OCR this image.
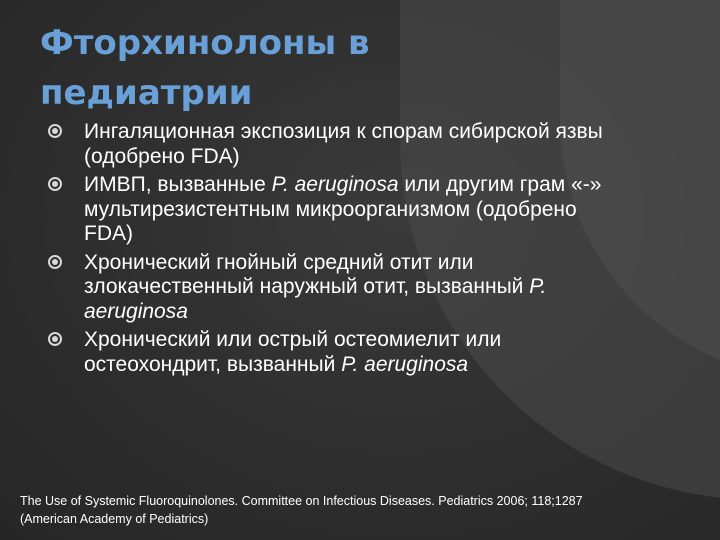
Фторхинолоны в
педиатрии
Ингаляционная экспозиция к спорам сибирской язвы (одобрено FDA)
ИМВП, вызванные P. aeruginosa или другим грам «-» мультирезистентным микроорганизмом (одобрено FDA)
Хронический гнойный средний отит или злокачественный наружный отит, вызванный P. aeruginosa
Хронический или острый остеомиелит или остеохондрит, вызванный P. aeruginosa

The Use of Systemic Fluoroquinolones. Committee on Infectious Diseases. Pediatrics 2006; 118;1287
(American Academy of Pediatrics)
